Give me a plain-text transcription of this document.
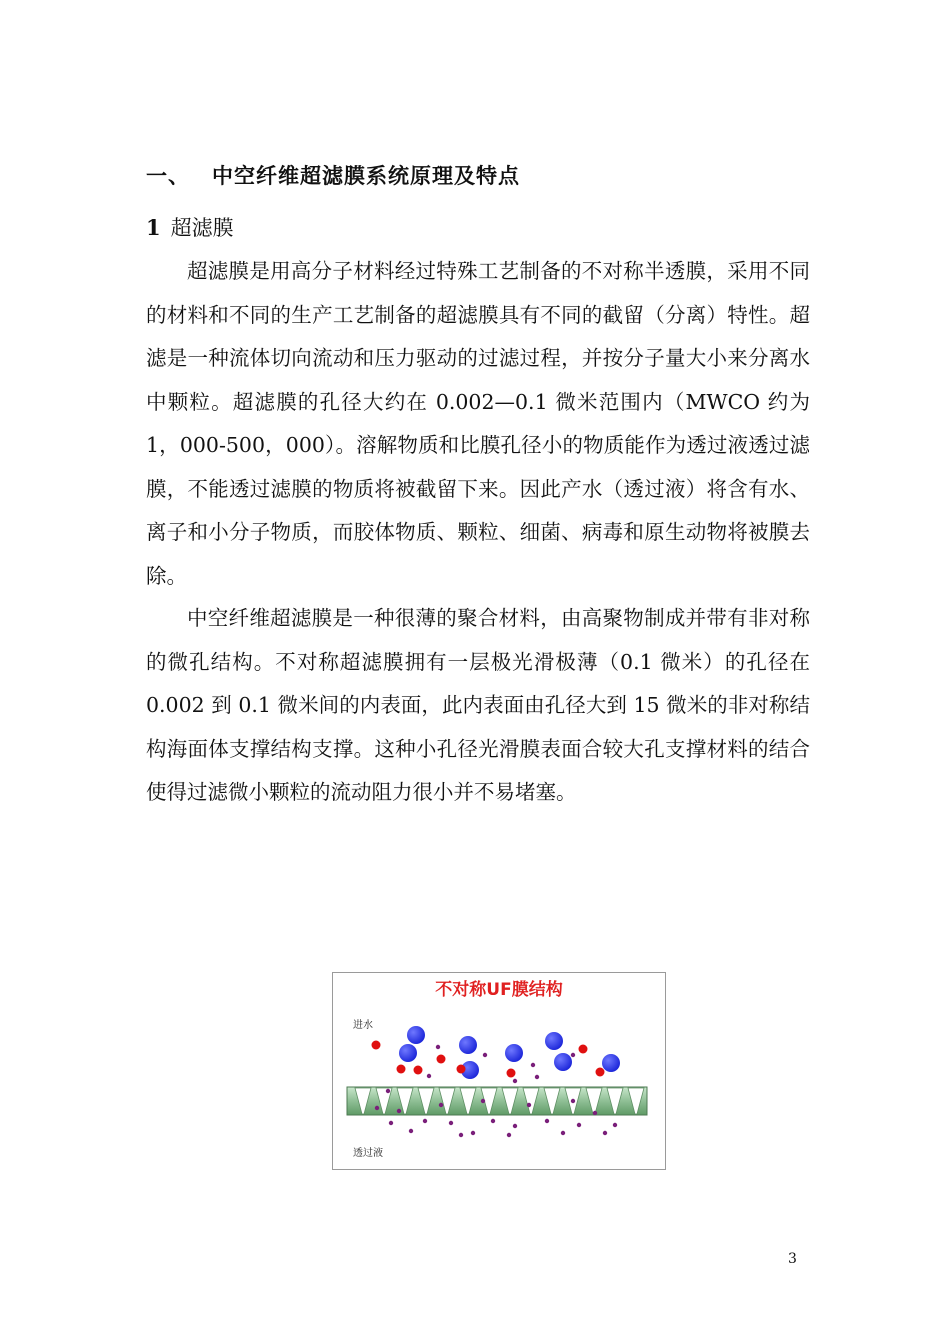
一、 中空纤维超滤膜系统原理及特点
1 超滤膜

超滤膜是用高分子材料经过特殊工艺制备的不对称半透膜，采用不同的材料和不同的生产工艺制备的超滤膜具有不同的截留（分离）特性。超滤是一种流体切向流动和压力驱动的过滤过程，并按分子量大小来分离水中颗粒。超滤膜的孔径大约在 0.002—0.1 微米范围内（MWCO 约为 1，000-500，000）。溶解物质和比膜孔径小的物质能作为透过液透过滤膜，不能透过滤膜的物质将被截留下来。因此产水（透过液）将含有水、离子和小分子物质，而胶体物质、颗粒、细菌、病毒和原生动物将被膜去除。

中空纤维超滤膜是一种很薄的聚合材料，由高聚物制成并带有非对称的微孔结构。不对称超滤膜拥有一层极光滑极薄（0.1 微米）的孔径在 0.002 到 0.1 微米间的内表面，此内表面由孔径大到 15 微米的非对称结构海面体支撑结构支撑。这种小孔径光滑膜表面合较大孔支撑材料的结合使得过滤微小颗粒的流动阻力很小并不易堵塞。

不对称UF膜结构
进水
透过液
3
